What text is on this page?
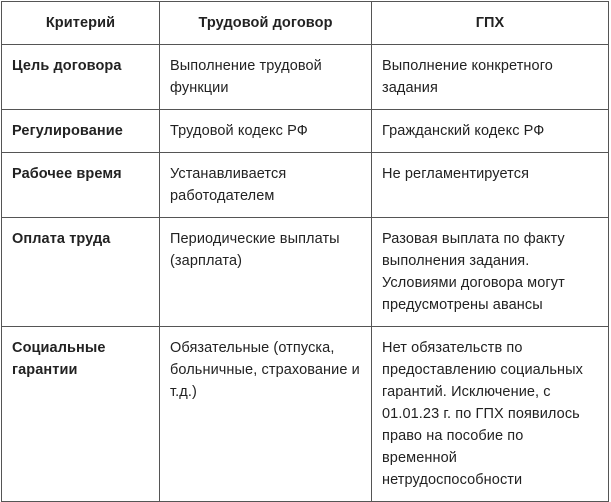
Критерий	Трудовой договор	ГПХ
Цель договора	Выполнение трудовой функции	Выполнение конкретного задания
Регулирование	Трудовой кодекс РФ	Гражданский кодекс РФ
Рабочее время	Устанавливается работодателем	Не регламентируется
Оплата труда	Периодические выплаты (зарплата)	Разовая выплата по факту выполнения задания. Условиями договора могут предусмотрены авансы
Социальные гарантии	Обязательные (отпуска, больничные, страхование и т.д.)	Нет обязательств по предоставлению социальных гарантий. Исключение, с 01.01.23 г. по ГПХ появилось право на пособие по временной нетрудоспособности
